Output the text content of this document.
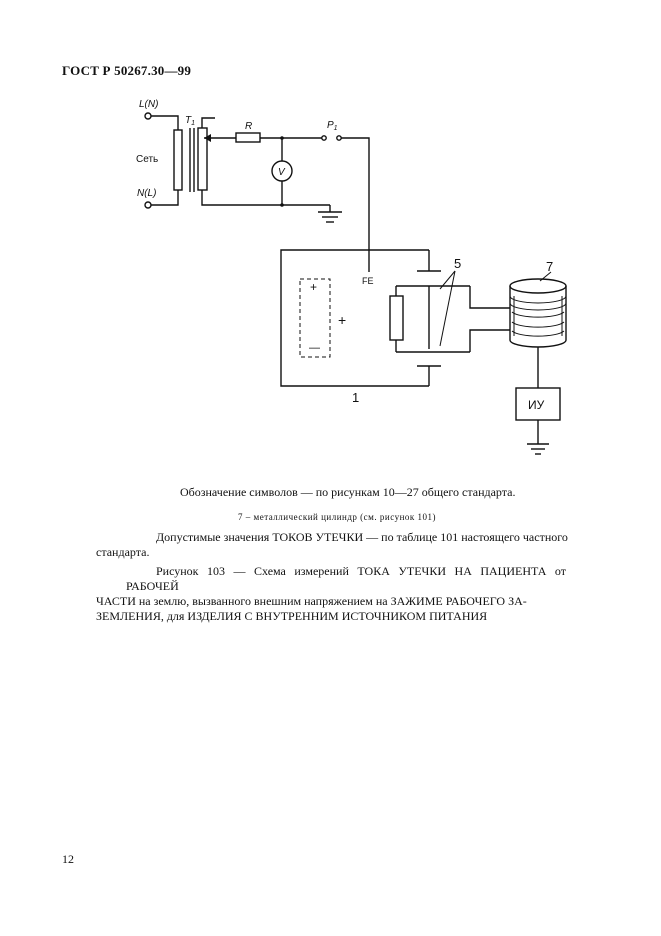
ГОСТ Р 50267.30—99
L(N)
N(L)
Сеть
$T_1$	R
V
$P_1$
FE
+
—
+
1
5	7
ИУ

Обозначение символов — по рисункам 10—27 общего стандарта.

7 – металлический цилиндр (см. рисунок 101)

Допустимые значения ТОКОВ УТЕЧКИ — по таблице 101 настоящего частного
стандарта.
Рисунок 103 — Схема измерений ТОКА УТЕЧКИ НА ПАЦИЕНТА от РАБОЧЕЙ
ЧАСТИ на землю, вызванного внешним напряжением на ЗАЖИМЕ РАБОЧЕГО ЗА-
ЗЕМЛЕНИЯ, для ИЗДЕЛИЯ С ВНУТРЕННИМ ИСТОЧНИКОМ ПИТАНИЯ
12
